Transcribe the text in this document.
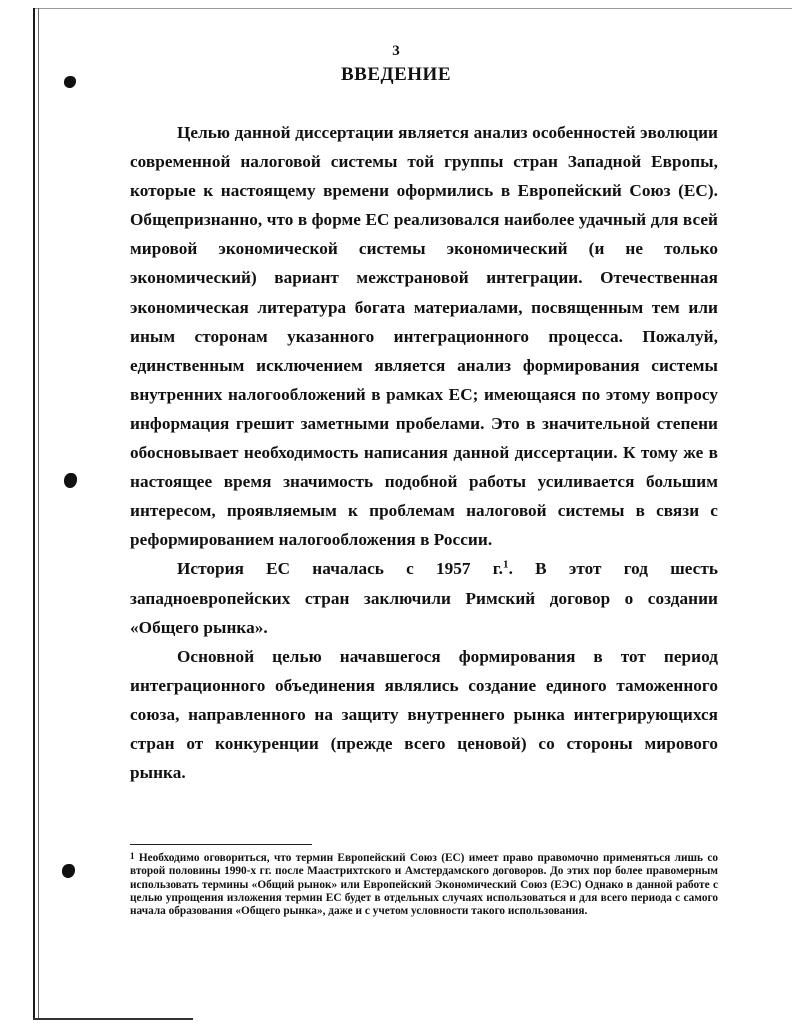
3
ВВЕДЕНИЕ

Целью данной диссертации является анализ особенностей эволюции современной налоговой системы той группы стран Западной Европы, которые к настоящему времени оформились в Европейский Союз (ЕС). Общепризнанно, что в форме ЕС реализовался наиболее удачный для всей мировой экономической системы экономический (и не только экономический) вариант межстрановой интеграции. Отечественная экономическая литература богата материалами, посвященным тем или иным сторонам указанного интеграционного процесса. Пожалуй, единственным исключением является анализ формирования системы внутренних налогообложений в рамках ЕС; имеющаяся по этому вопросу информация грешит заметными пробелами. Это в значительной степени обосновывает необходимость написания данной диссертации. К тому же в настоящее время значимость подобной работы усиливается большим интересом, проявляемым к проблемам налоговой системы в связи с реформированием налогообложения в России.

История ЕС началась с 1957 г.$^1$. В этот год шесть западноевропейских стран заключили Римский договор о создании «Общего рынка».

Основной целью начавшегося формирования в тот период интеграционного объединения являлись создание единого таможенного союза, направленного на защиту внутреннего рынка интегрирующихся стран от конкуренции (прежде всего ценовой) со стороны мирового рынка.

1 Необходимо оговориться, что термин Европейский Союз (ЕС) имеет право правомочно применяться лишь со второй половины 1990-х гг. после Маастрихтского и Амстердамского договоров. До этих пор более правомерным использовать термины «Общий рынок» или Европейский Экономический Союз (ЕЭС) Однако в данной работе с целью упрощения изложения термин ЕС будет в отдельных случаях использоваться и для всего периода с самого начала образования «Общего рынка», даже и с учетом условности такого использования.
